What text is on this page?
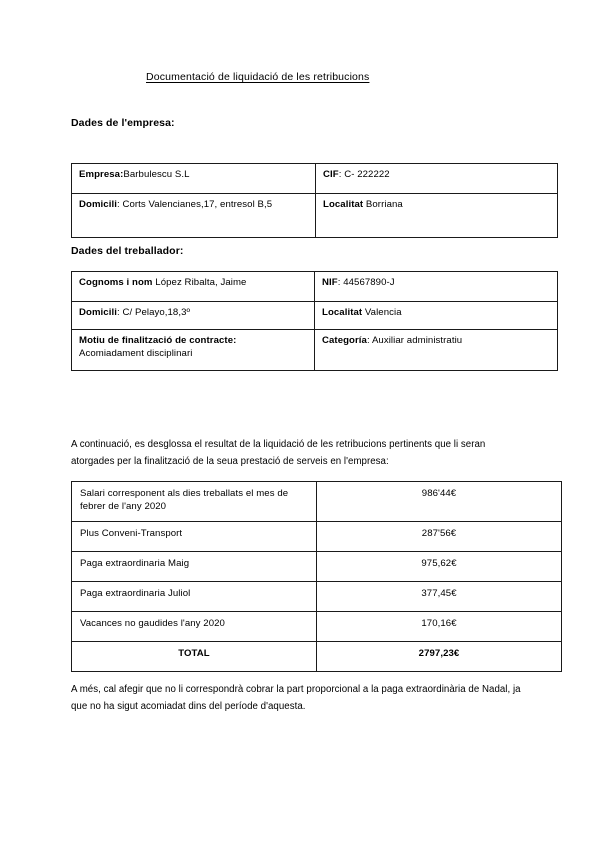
Documentació de liquidació de les retribucions
Dades de l'empresa:
Empresa:Barbulescu S.L	CIF: C- 222222
Domicili: Corts Valencianes,17, entresol B,5	Localitat Borriana
Dades del treballador:
Cognoms i nom López Ribalta, Jaime	NIF: 44567890-J
Domicili: C/ Pelayo,18,3º	Localitat Valencia
Motiu de finalització de contracte:
Acomiadament disciplinari	Categoría: Auxiliar administratiu
A continuació, es desglossa el resultat de la liquidació de les retribucions pertinents que li seran atorgades per la finalització de la seua prestació de serveis en l'empresa:
Salari corresponent als dies treballats el mes de febrer de l'any 2020	986'44€
Plus Conveni-Transport	287'56€
Paga extraordinaria Maig	975,62€
Paga extraordinaria Juliol	377,45€
Vacances no gaudides l'any 2020	170,16€
TOTAL	2797,23€
A més, cal afegir que no li correspondrà cobrar la part proporcional a la paga extraordinària de Nadal, ja que no ha sigut acomiadat dins del període d'aquesta.
